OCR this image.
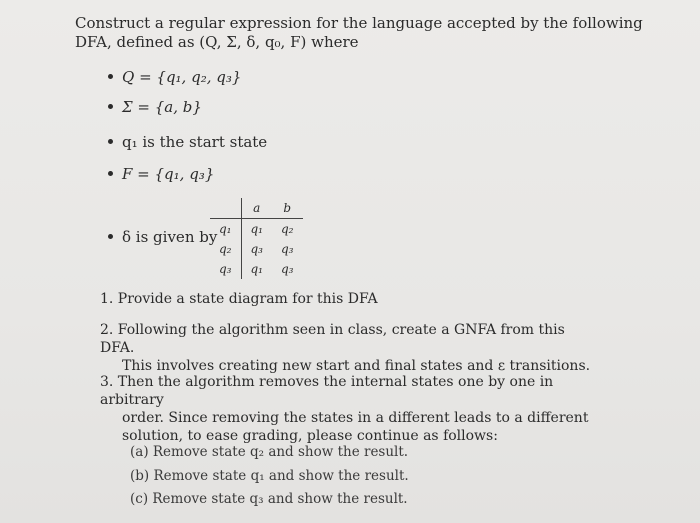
Construct a regular expression for the language accepted by the following
DFA, defined as (Q, Σ, δ, q₀, F) where
Q = {q₁, q₂, q₃}
Σ = {a, b}
q₁ is the start state
F = {q₁, q₃}
δ is given by
	a	b
q₁	q₁	q₂
q₂	q₃	q₃
q₃	q₁	q₃
1. Provide a state diagram for this DFA
2. Following the algorithm seen in class, create a GNFA from this DFA.
This involves creating new start and final states and ε transitions.
3. Then the algorithm removes the internal states one by one in arbitrary
order. Since removing the states in a different leads to a different
solution, to ease grading, please continue as follows:
(a) Remove state q₂ and show the result.
(b) Remove state q₁ and show the result.
(c) Remove state q₃ and show the result.
